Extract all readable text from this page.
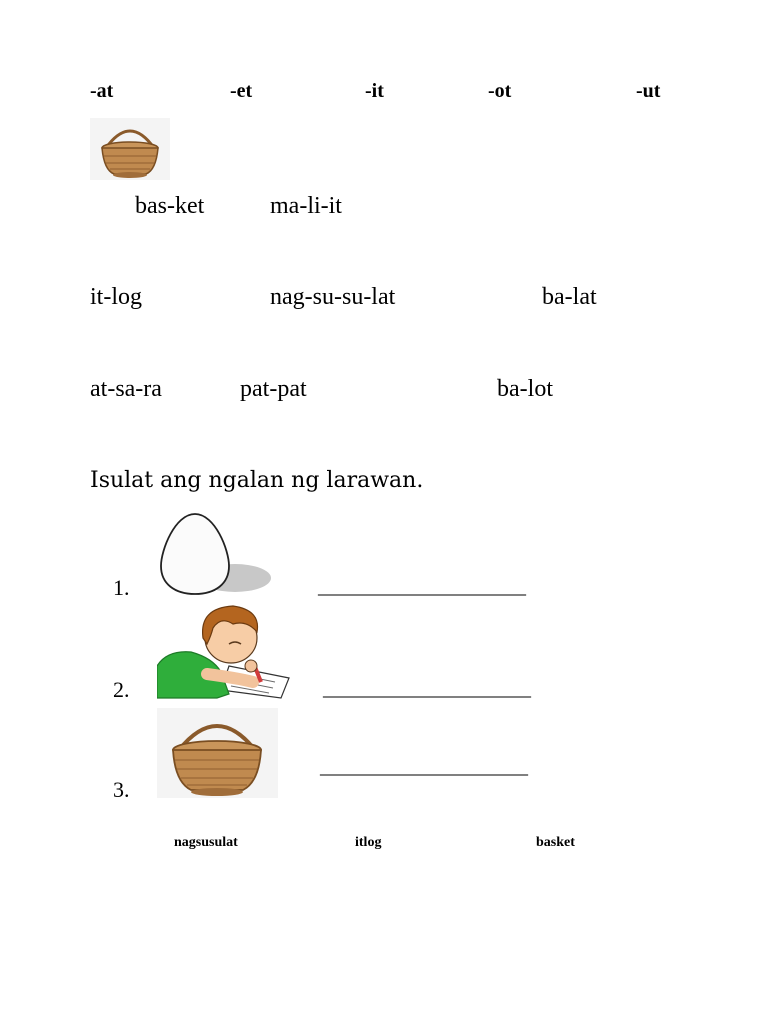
-at	-et	-it	-ot	-ut
bas-ket	ma-li-it
it-log	nag-su-su-lat	ba-lat
at-sa-ra	pat-pat	ba-lot
Isulat ang ngalan ng larawan.
1.	_______________________
2.	_______________________
3.
_______________________
nagsusulat	itlog	basket
